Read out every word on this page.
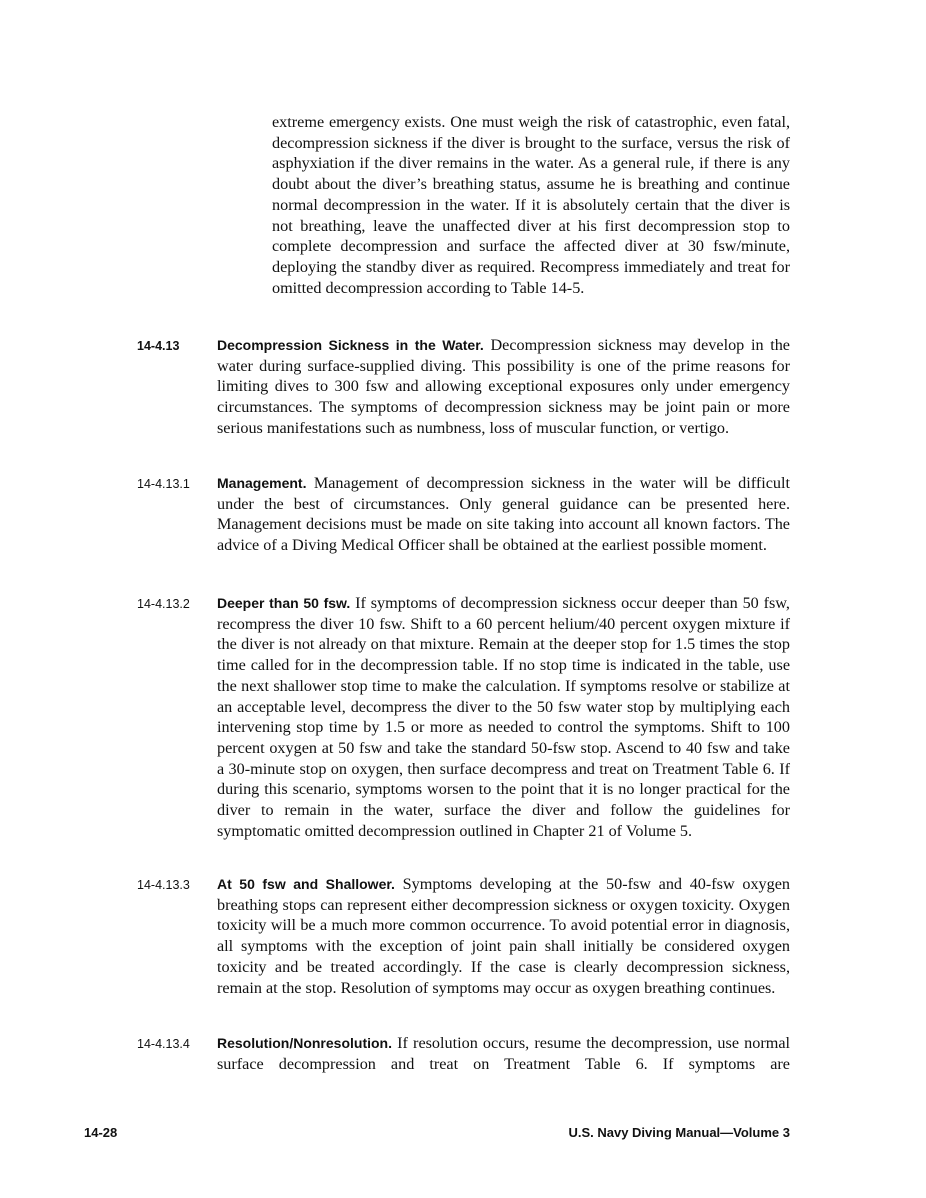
extreme emergency exists. One must weigh the risk of catastrophic, even fatal, decompression sickness if the diver is brought to the surface, versus the risk of asphyxiation if the diver remains in the water. As a general rule, if there is any doubt about the diver’s breathing status, assume he is breathing and continue normal decompression in the water. If it is absolutely certain that the diver is not breathing, leave the unaffected diver at his first decompression stop to complete decompression and surface the affected diver at 30 fsw/minute, deploying the standby diver as required. Recompress immediately and treat for omitted decompression according to Table 14-5.
14-4.13	Decompression Sickness in the Water. Decompression sickness may develop in the water during surface-supplied diving. This possibility is one of the prime reasons for limiting dives to 300 fsw and allowing exceptional exposures only under emergency circumstances. The symptoms of decompression sickness may be joint pain or more serious manifestations such as numbness, loss of muscular function, or vertigo.
14-4.13.1	Management. Management of decompression sickness in the water will be difficult under the best of circumstances. Only general guidance can be presented here. Management decisions must be made on site taking into account all known factors. The advice of a Diving Medical Officer shall be obtained at the earliest possible moment.
14-4.13.2	Deeper than 50 fsw. If symptoms of decompression sickness occur deeper than 50 fsw, recompress the diver 10 fsw. Shift to a 60 percent helium/40 percent oxygen mixture if the diver is not already on that mixture. Remain at the deeper stop for 1.5 times the stop time called for in the decompression table. If no stop time is indicated in the table, use the next shallower stop time to make the calculation. If symptoms resolve or stabilize at an acceptable level, decompress the diver to the 50 fsw water stop by multiplying each intervening stop time by 1.5 or more as needed to control the symptoms. Shift to 100 percent oxygen at 50 fsw and take the standard 50-fsw stop. Ascend to 40 fsw and take a 30-minute stop on oxygen, then surface decompress and treat on Treatment Table 6. If during this scenario, symptoms worsen to the point that it is no longer practical for the diver to remain in the water, surface the diver and follow the guidelines for symptomatic omitted decompression outlined in Chapter 21 of Volume 5.
14-4.13.3	At 50 fsw and Shallower. Symptoms developing at the 50-fsw and 40-fsw oxygen breathing stops can represent either decompression sickness or oxygen toxicity. Oxygen toxicity will be a much more common occurrence. To avoid potential error in diagnosis, all symptoms with the exception of joint pain shall initially be considered oxygen toxicity and be treated accordingly. If the case is clearly decompression sickness, remain at the stop. Resolution of symptoms may occur as oxygen breathing continues.
14-4.13.4	Resolution/Nonresolution. If resolution occurs, resume the decompression, use normal surface decompression and treat on Treatment Table 6. If symptoms are
14-28	U.S. Navy Diving Manual—Volume 3
